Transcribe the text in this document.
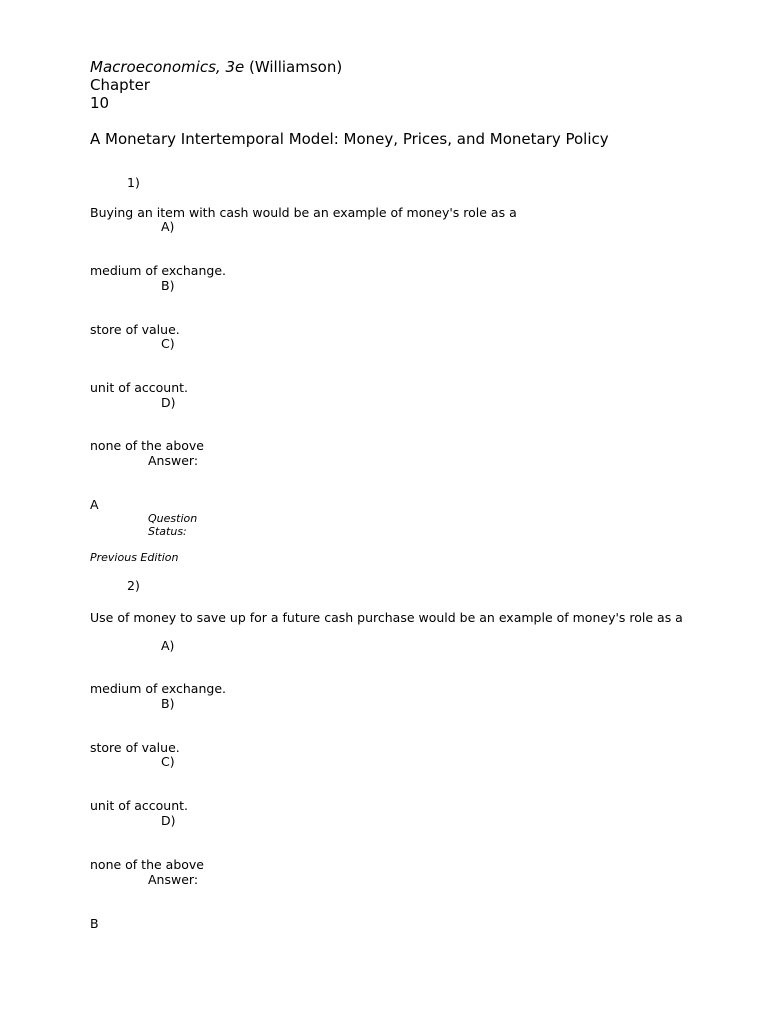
Macroeconomics, 3e (Williamson)
Chapter
10
A Monetary Intertemporal Model: Money, Prices, and Monetary Policy
1)
Buying an item with cash would be an example of money's role as a
A)
medium of exchange.
B)
store of value.
C)
unit of account.
D)
none of the above
Answer:
A
Question
Status:
Previous Edition
2)
Use of money to save up for a future cash purchase would be an example of money's role as a
A)
medium of exchange.
B)
store of value.
C)
unit of account.
D)
none of the above
Answer:
B
